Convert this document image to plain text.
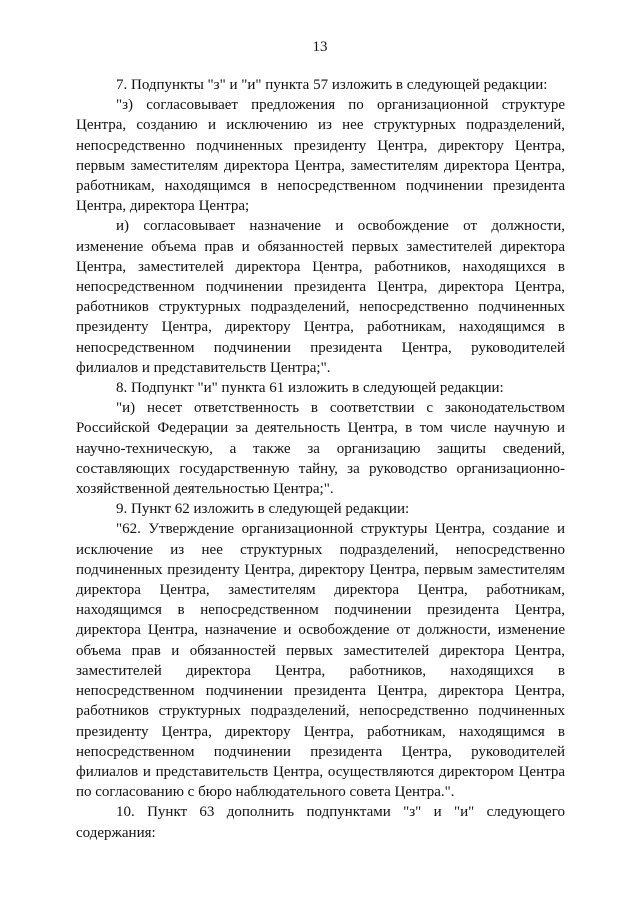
13

7. Подпункты "з" и "и" пункта 57 изложить в следующей редакции:

"з) согласовывает предложения по организационной структуре Центра, созданию и исключению из нее структурных подразделений, непосредственно подчиненных президенту Центра, директору Центра, первым заместителям директора Центра, заместителям директора Центра, работникам, находящимся в непосредственном подчинении президента Центра, директора Центра;

и) согласовывает назначение и освобождение от должности, изменение объема прав и обязанностей первых заместителей директора Центра, заместителей директора Центра, работников, находящихся в непосредственном подчинении президента Центра, директора Центра, работников структурных подразделений, непосредственно подчиненных президенту Центра, директору Центра, работникам, находящимся в непосредственном подчинении президента Центра, руководителей филиалов и представительств Центра;".

8. Подпункт "и" пункта 61 изложить в следующей редакции:

"и) несет ответственность в соответствии с законодательством Российской Федерации за деятельность Центра, в том числе научную и научно-техническую, а также за организацию защиты сведений, составляющих государственную тайну, за руководство организационно-хозяйственной деятельностью Центра;".

9. Пункт 62 изложить в следующей редакции:

"62. Утверждение организационной структуры Центра, создание и исключение из нее структурных подразделений, непосредственно подчиненных президенту Центра, директору Центра, первым заместителям директора Центра, заместителям директора Центра, работникам, находящимся в непосредственном подчинении президента Центра, директора Центра, назначение и освобождение от должности, изменение объема прав и обязанностей первых заместителей директора Центра, заместителей директора Центра, работников, находящихся в непосредственном подчинении президента Центра, директора Центра, работников структурных подразделений, непосредственно подчиненных президенту Центра, директору Центра, работникам, находящимся в непосредственном подчинении президента Центра, руководителей филиалов и представительств Центра, осуществляются директором Центра по согласованию с бюро наблюдательного совета Центра.".

10. Пункт 63 дополнить подпунктами "з" и "и" следующего содержания:
